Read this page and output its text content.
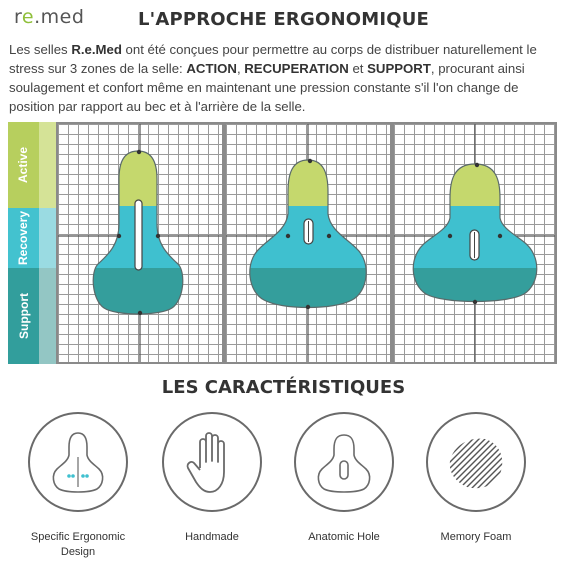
re.med	L'APPROCHE ERGONOMIQUE

Les selles R.e.Med ont été conçues pour permettre au corps de distribuer naturellement le stress sur 3 zones de la selle: ACTION, RECUPERATION et SUPPORT, procurant ainsi soulagement et confort même en maintenant une pression constante s'il l'on change de position par rapport au bec et à l'arrière de la selle.

Active
Recovery
Support
LES CARACTÉRISTIQUES
Specific Ergonomic Design
Handmade	Anatomic Hole	Memory Foam
